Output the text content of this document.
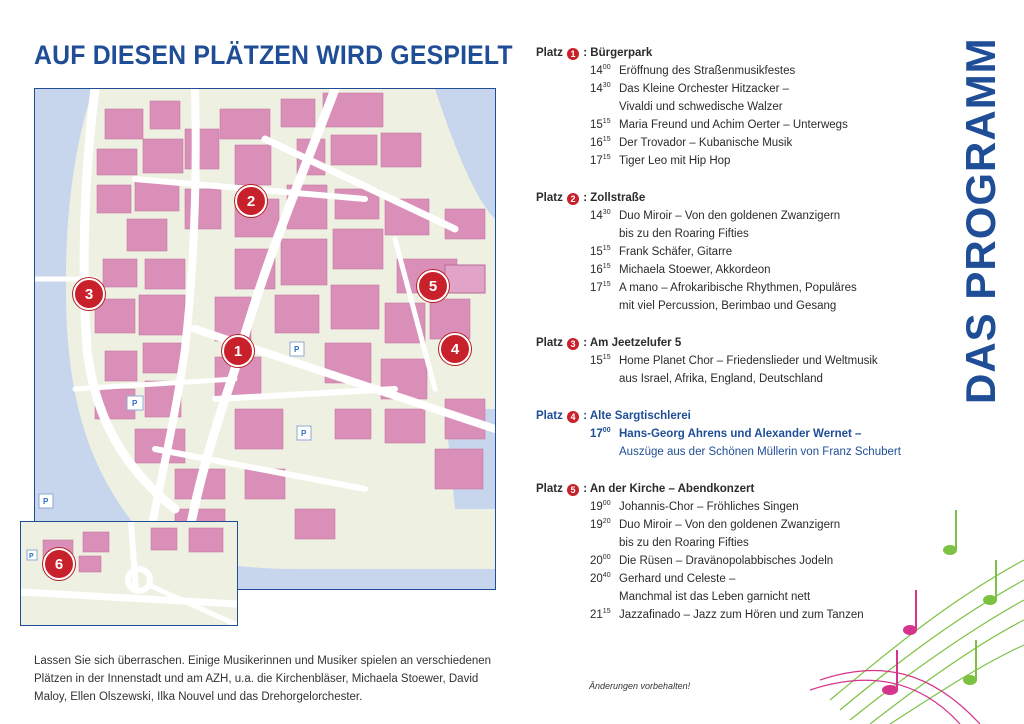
AUF DIESEN PLÄTZEN WIRD GESPIELT
P
P
P
P
1
2
3
4
5
P	6

Lassen Sie sich überraschen. Einige Musikerinnen und Musiker spielen an verschiedenen Plätzen in der Innenstadt und am AZH, u.a. die Kirchenbläser, Michaela Stoewer, David Maloy, Ellen Olszewski, Ilka Nouvel und das Drehorgelorchester.

Änderungen vorbehalten!
Platz 1 : Bürgerpark
$14^{00}$ Eröffnung des Straßenmusikfestes
$14^{30}$ Das Kleine Orchester Hitzacker –
Vivaldi und schwedische Walzer
$15^{15}$ Maria Freund und Achim Oerter – Unterwegs
$16^{15}$ Der Trovador – Kubanische Musik
$17^{15}$ Tiger Leo mit Hip Hop
Platz 2 : Zollstraße
$14^{30}$ Duo Miroir – Von den goldenen Zwanzigern
bis zu den Roaring Fifties
$15^{15}$ Frank Schäfer, Gitarre
$16^{15}$ Michaela Stoewer, Akkordeon
$17^{15}$ A mano – Afrokaribische Rhythmen, Populäres
mit viel Percussion, Berimbao und Gesang
Platz 3 : Am Jeetzelufer 5
$15^{15}$ Home Planet Chor – Friedenslieder und Weltmusik
aus Israel, Afrika, England, Deutschland
Platz 4 : Alte Sargtischlerei
$17^{00}$ Hans-Georg Ahrens und Alexander Wernet –
Auszüge aus der Schönen Müllerin von Franz Schubert
Platz 5 : An der Kirche – Abendkonzert
$19^{00}$ Johannis-Chor – Fröhliches Singen
$19^{20}$ Duo Miroir – Von den goldenen Zwanzigern
bis zu den Roaring Fifties
$20^{00}$ Die Rüsen – Dravänopolabbisches Jodeln
$20^{40}$ Gerhard und Celeste –
Manchmal ist das Leben garnicht nett
$21^{15}$ Jazzafinado – Jazz zum Hören und zum Tanzen
DAS PROGRAMM
